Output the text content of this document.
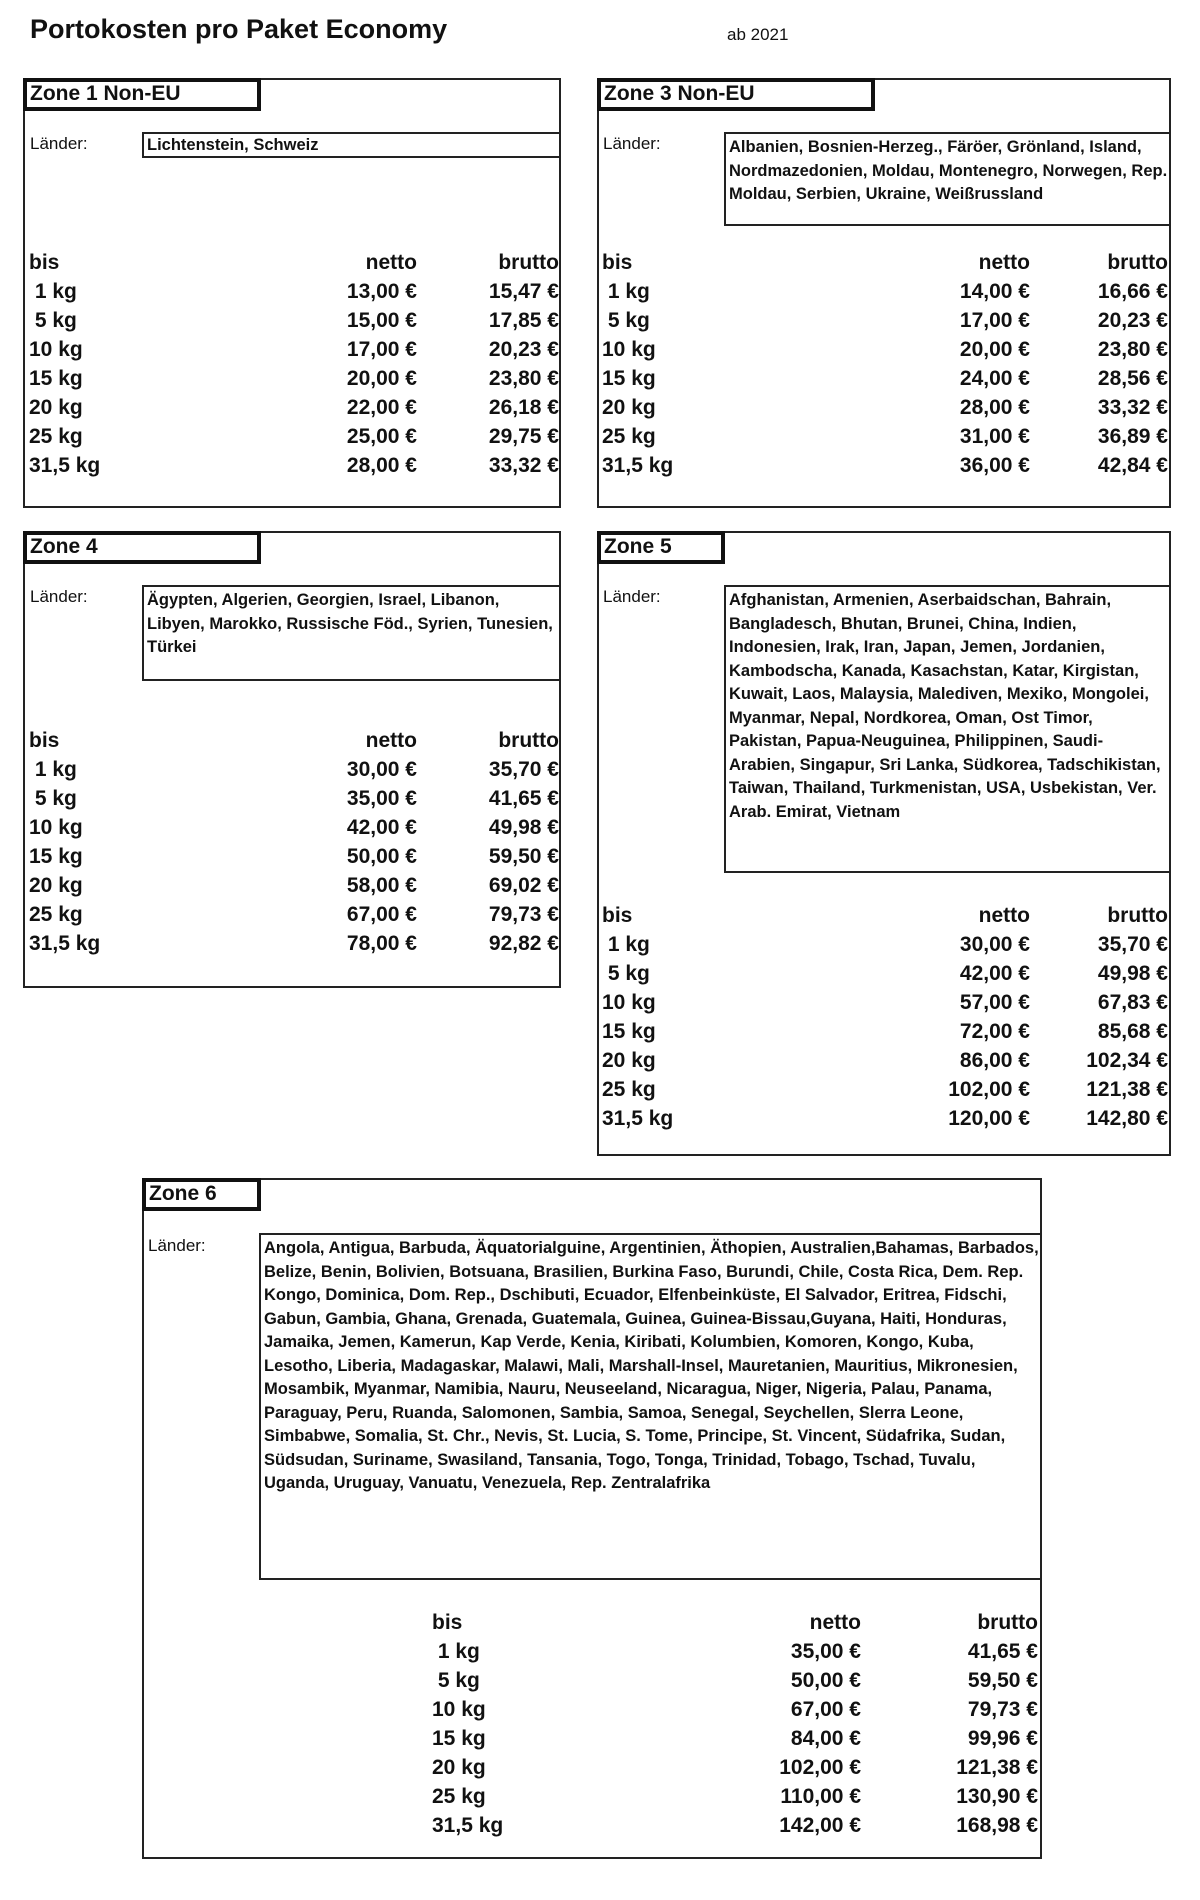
Portokosten pro Paket Economy	ab 2021
Zone 1 Non-EU
Länder:	Lichtenstein, Schweiz
bis	netto	brutto
1 kg	13,00 €	15,47 €
5 kg	15,00 €	17,85 €
10 kg	17,00 €	20,23 €
15 kg	20,00 €	23,80 €
20 kg	22,00 €	26,18 €
25 kg	25,00 €	29,75 €
31,5 kg	28,00 €	33,32 €
Zone 3 Non-EU
Länder:	Albanien, Bosnien-Herzeg., Färöer, Grönland, Island, Nordmazedonien, Moldau, Montenegro, Norwegen, Rep. Moldau, Serbien, Ukraine, Weißrussland
bis	netto	brutto
1 kg	14,00 €	16,66 €
5 kg	17,00 €	20,23 €
10 kg	20,00 €	23,80 €
15 kg	24,00 €	28,56 €
20 kg	28,00 €	33,32 €
25 kg	31,00 €	36,89 €
31,5 kg	36,00 €	42,84 €
Zone 4
Länder:	Ägypten, Algerien, Georgien, Israel, Libanon, Libyen, Marokko, Russische Föd., Syrien, Tunesien, Türkei
bis	netto	brutto
1 kg	30,00 €	35,70 €
5 kg	35,00 €	41,65 €
10 kg	42,00 €	49,98 €
15 kg	50,00 €	59,50 €
20 kg	58,00 €	69,02 €
25 kg	67,00 €	79,73 €
31,5 kg	78,00 €	92,82 €
Zone 5
Länder:	Afghanistan, Armenien, Aserbaidschan, Bahrain, Bangladesch, Bhutan, Brunei, China, Indien, Indonesien, Irak, Iran, Japan, Jemen, Jordanien, Kambodscha, Kanada, Kasachstan, Katar, Kirgistan, Kuwait, Laos, Malaysia, Malediven, Mexiko, Mongolei, Myanmar, Nepal, Nordkorea, Oman, Ost Timor, Pakistan, Papua-Neuguinea, Philippinen, Saudi-Arabien, Singapur, Sri Lanka, Südkorea, Tadschikistan, Taiwan, Thailand, Turkmenistan, USA, Usbekistan, Ver. Arab. Emirat, Vietnam
bis	netto	brutto
1 kg	30,00 €	35,70 €
5 kg	42,00 €	49,98 €
10 kg	57,00 €	67,83 €
15 kg	72,00 €	85,68 €
20 kg	86,00 €	102,34 €
25 kg	102,00 €	121,38 €
31,5 kg	120,00 €	142,80 €
Zone 6
Länder:	Angola, Antigua, Barbuda, Äquatorialguine, Argentinien, Äthopien, Australien,Bahamas, Barbados, Belize, Benin, Bolivien, Botsuana, Brasilien, Burkina Faso, Burundi, Chile, Costa Rica, Dem. Rep. Kongo, Dominica, Dom. Rep., Dschibuti, Ecuador, Elfenbeinküste, El Salvador, Eritrea, Fidschi, Gabun, Gambia, Ghana, Grenada, Guatemala, Guinea, Guinea-Bissau,Guyana, Haiti, Honduras, Jamaika, Jemen, Kamerun, Kap Verde, Kenia, Kiribati, Kolumbien, Komoren, Kongo, Kuba, Lesotho, Liberia, Madagaskar, Malawi, Mali, Marshall-Insel, Mauretanien, Mauritius, Mikronesien, Mosambik, Myanmar, Namibia, Nauru, Neuseeland, Nicaragua, Niger, Nigeria, Palau, Panama, Paraguay, Peru, Ruanda, Salomonen, Sambia, Samoa, Senegal, Seychellen, Slerra Leone, Simbabwe, Somalia, St. Chr., Nevis, St. Lucia, S. Tome, Principe, St. Vincent, Südafrika, Sudan, Südsudan, Suriname, Swasiland, Tansania, Togo, Tonga, Trinidad, Tobago, Tschad, Tuvalu, Uganda, Uruguay, Vanuatu, Venezuela, Rep. Zentralafrika
bis	netto	brutto
1 kg	35,00 €	41,65 €
5 kg	50,00 €	59,50 €
10 kg	67,00 €	79,73 €
15 kg	84,00 €	99,96 €
20 kg	102,00 €	121,38 €
25 kg	110,00 €	130,90 €
31,5 kg	142,00 €	168,98 €
